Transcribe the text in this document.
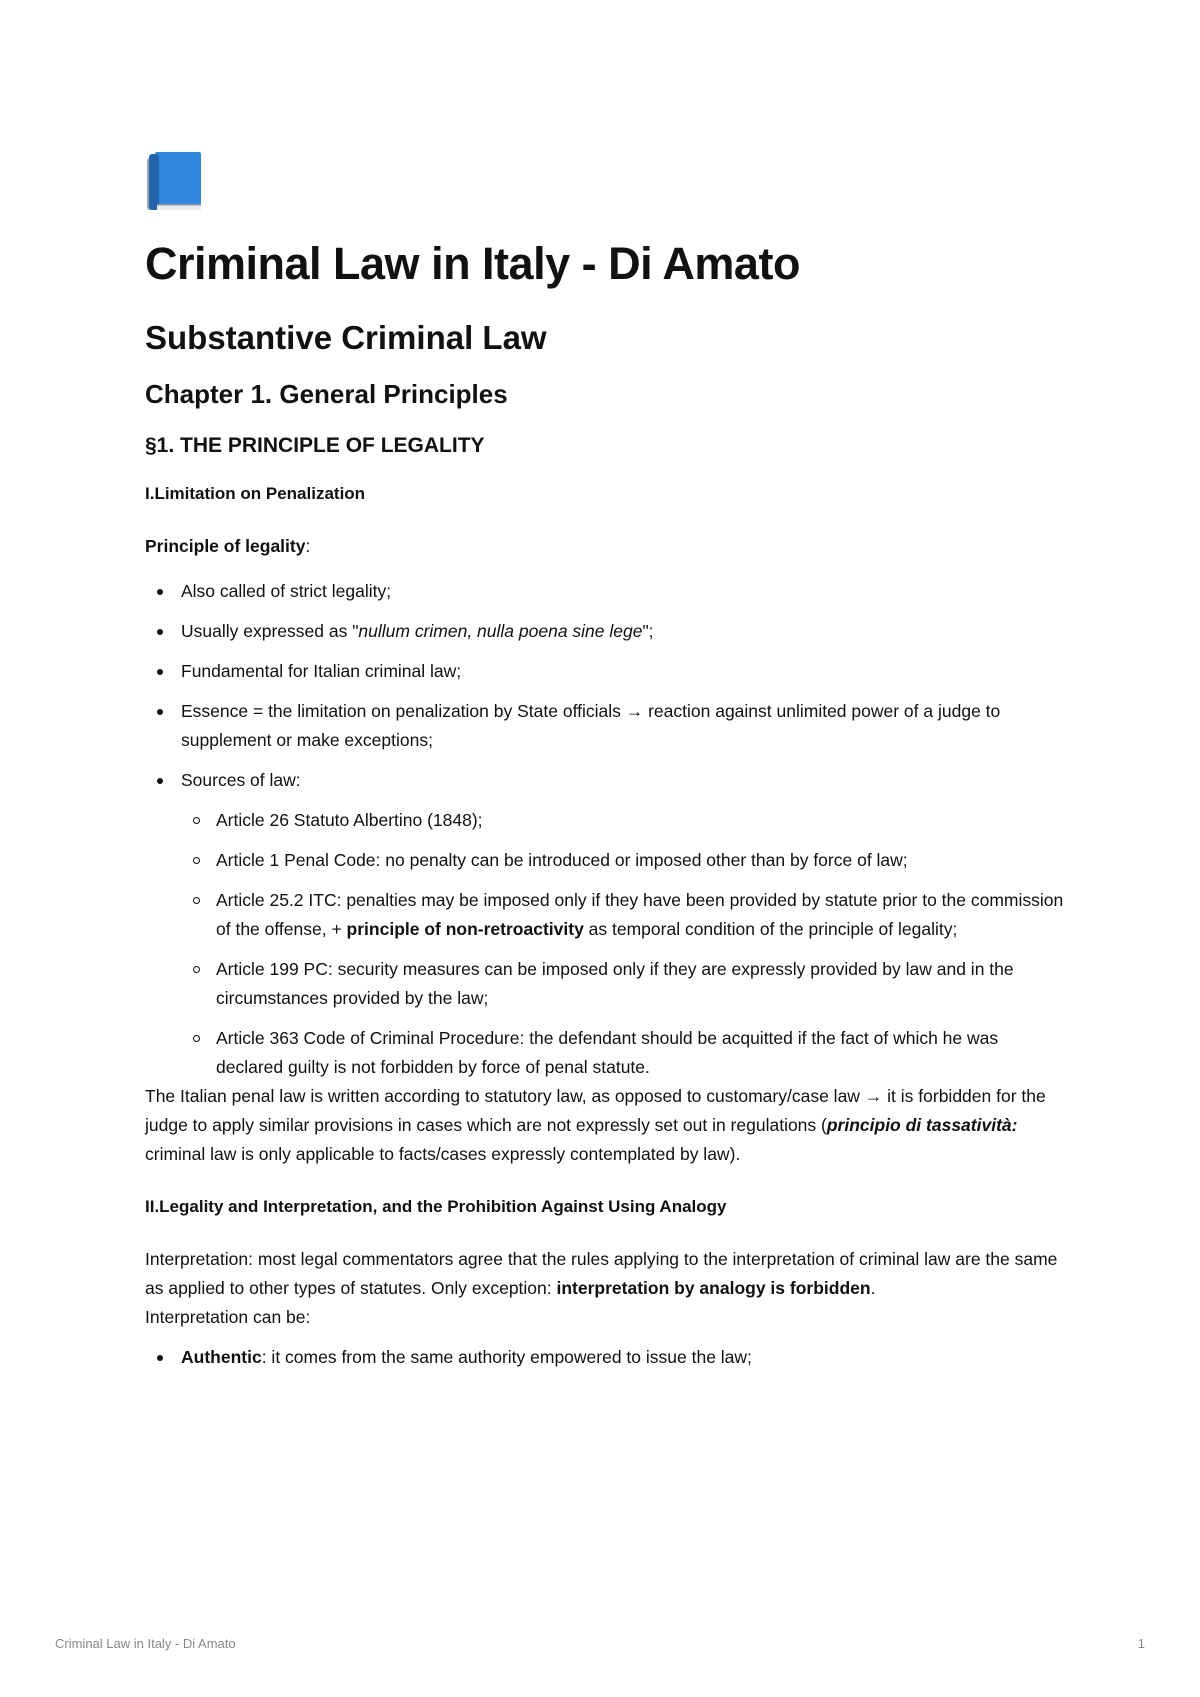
Criminal Law in Italy - Di Amato
Substantive Criminal Law
Chapter 1. General Principles
§1. THE PRINCIPLE OF LEGALITY
I.Limitation on Penalization

Principle of legality:

Also called of strict legality;
Usually expressed as "nullum crimen, nulla poena sine lege";
Fundamental for Italian criminal law;
Essence = the limitation on penalization by State officials → reaction against unlimited power of a judge to supplement or make exceptions;
Sources of law:
Article 26 Statuto Albertino (1848);
Article 1 Penal Code: no penalty can be introduced or imposed other than by force of law;
Article 25.2 ITC: penalties may be imposed only if they have been provided by statute prior to the commission of the offense, + principle of non-retroactivity as temporal condition of the principle of legality;
Article 199 PC: security measures can be imposed only if they are expressly provided by law and in the circumstances provided by the law;
Article 363 Code of Criminal Procedure: the defendant should be acquitted if the fact of which he was declared guilty is not forbidden by force of penal statute.

The Italian penal law is written according to statutory law, as opposed to customary/case law → it is forbidden for the judge to apply similar provisions in cases which are not expressly set out in regulations (principio di tassatività: criminal law is only applicable to facts/cases expressly contemplated by law).

II.Legality and Interpretation, and the Prohibition Against Using Analogy

Interpretation: most legal commentators agree that the rules applying to the interpretation of criminal law are the same as applied to other types of statutes. Only exception: interpretation by analogy is forbidden.

Interpretation can be:

Authentic: it comes from the same authority empowered to issue the law;
Criminal Law in Italy - Di Amato	1
